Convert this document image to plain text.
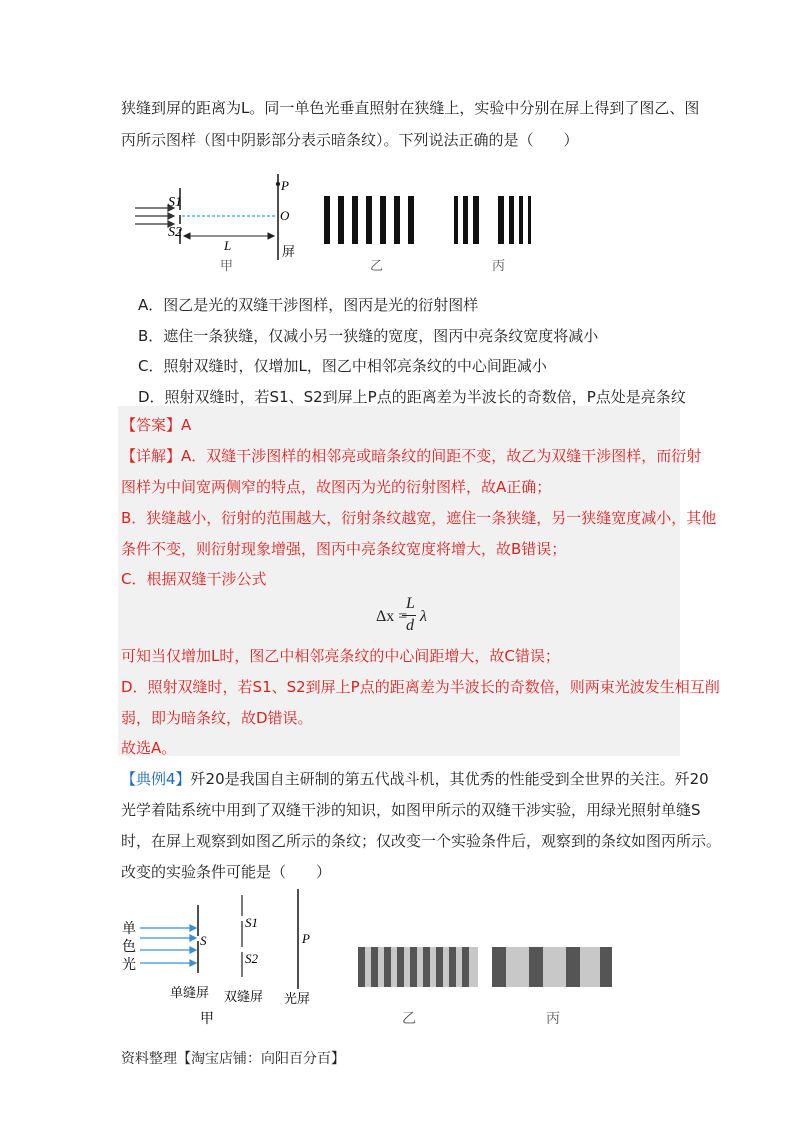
狭缝到屏的距离为L。同一单色光垂直照射在狭缝上，实验中分别在屏上得到了图乙、图
丙所示图样（图中阴影部分表示暗条纹）。下列说法正确的是（　　）
S1
S2
P
O
L	屏
甲	乙	丙
A．图乙是光的双缝干涉图样，图丙是光的衍射图样
B．遮住一条狭缝，仅减小另一狭缝的宽度，图丙中亮条纹宽度将减小
C．照射双缝时，仅增加L，图乙中相邻亮条纹的中心间距减小
D．照射双缝时，若S1、S2到屏上P点的距离差为半波长的奇数倍，P点处是亮条纹
【答案】A
【详解】A．双缝干涉图样的相邻亮或暗条纹的间距不变，故乙为双缝干涉图样，而衍射
图样为中间宽两侧窄的特点，故图丙为光的衍射图样，故A正确；
B．狭缝越小，衍射的范围越大，衍射条纹越宽，遮住一条狭缝，另一狭缝宽度减小，其他
条件不变，则衍射现象增强，图丙中亮条纹宽度将增大，故B错误；
C．根据双缝干涉公式
Δx =
L
d
λ
可知当仅增加L时，图乙中相邻亮条纹的中心间距增大，故C错误；
D．照射双缝时，若S1、S2到屏上P点的距离差为半波长的奇数倍，则两束光波发生相互削
弱，即为暗条纹，故D错误。
故选A。
【典例4】歼20是我国自主研制的第五代战斗机，其优秀的性能受到全世界的关注。歼20
光学着陆系统中用到了双缝干涉的知识，如图甲所示的双缝干涉实验，用绿光照射单缝S
时，在屏上观察到如图乙所示的条纹；仅改变一个实验条件后，观察到的条纹如图丙所示。
改变的实验条件可能是（　　）
单
色
光
S
S1
S2
P
单缝屏 双缝屏 光屏
甲	乙	丙
资料整理【淘宝店铺：向阳百分百】
